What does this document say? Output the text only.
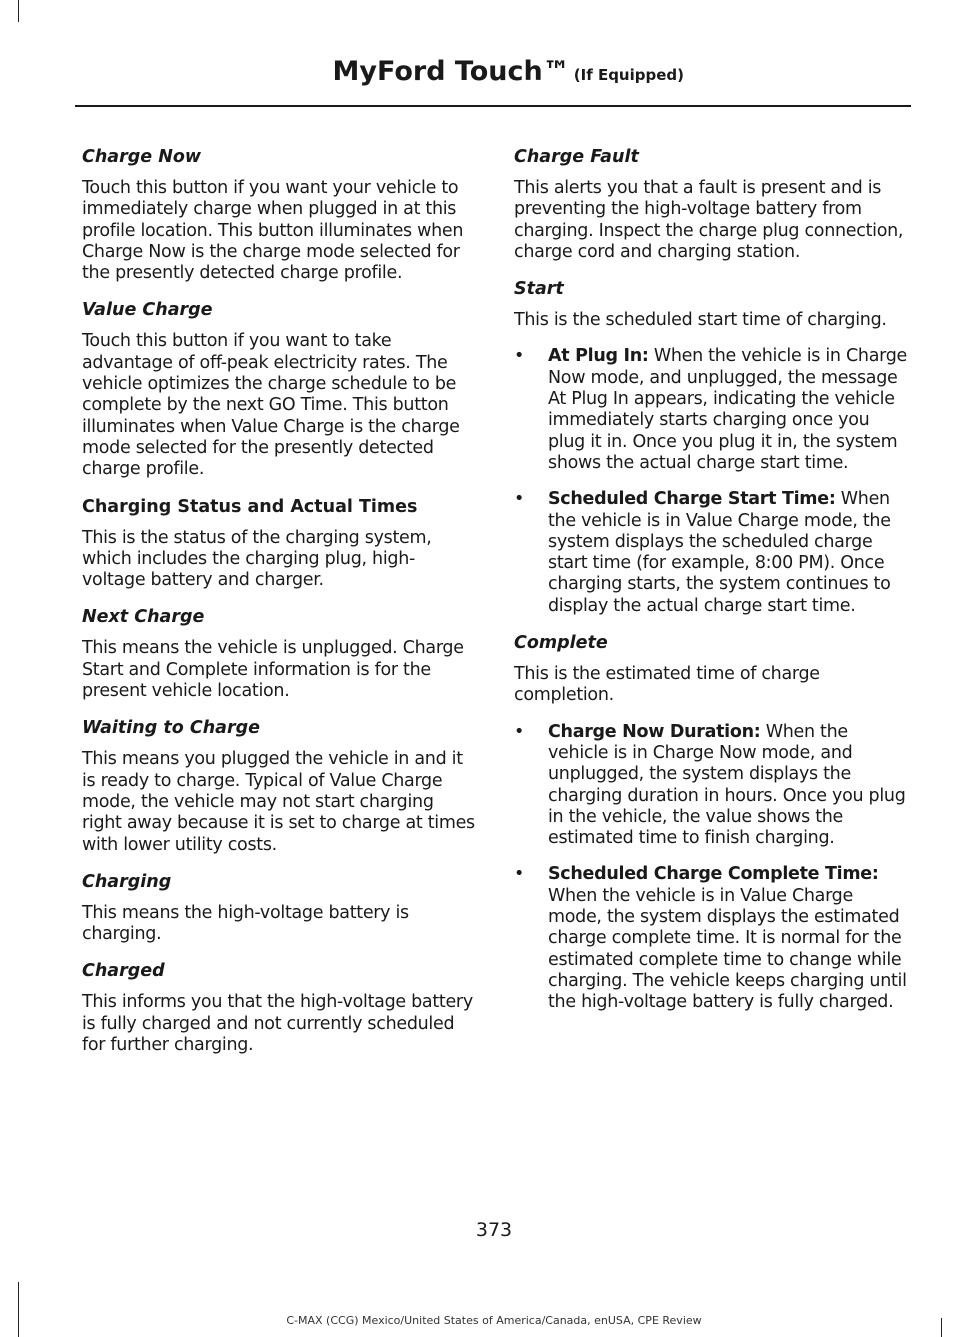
MyFord Touch™ (If Equipped)
Charge Now

Touch this button if you want your vehicle to immediately charge when plugged in at this profile location. This button illuminates when Charge Now is the charge mode selected for the presently detected charge profile.

Value Charge

Touch this button if you want to take advantage of off-peak electricity rates. The vehicle optimizes the charge schedule to be complete by the next GO Time. This button illuminates when Value Charge is the charge mode selected for the presently detected charge profile.

Charging Status and Actual Times

This is the status of the charging system, which includes the charging plug, high-voltage battery and charger.

Next Charge

This means the vehicle is unplugged. Charge Start and Complete information is for the present vehicle location.

Waiting to Charge

This means you plugged the vehicle in and it is ready to charge. Typical of Value Charge mode, the vehicle may not start charging right away because it is set to charge at times with lower utility costs.

Charging

This means the high-voltage battery is charging.

Charged

This informs you that the high-voltage battery is fully charged and not currently scheduled for further charging.

Charge Fault

This alerts you that a fault is present and is preventing the high-voltage battery from charging. Inspect the charge plug connection, charge cord and charging station.

Start

This is the scheduled start time of charging.

• At Plug In: When the vehicle is in Charge Now mode, and unplugged, the message At Plug In appears, indicating the vehicle immediately starts charging once you plug it in. Once you plug it in, the system shows the actual charge start time.
• Scheduled Charge Start Time: When the vehicle is in Value Charge mode, the system displays the scheduled charge start time (for example, 8:00 PM). Once charging starts, the system continues to display the actual charge start time.
Complete

This is the estimated time of charge completion.

• Charge Now Duration: When the vehicle is in Charge Now mode, and unplugged, the system displays the charging duration in hours. Once you plug in the vehicle, the value shows the estimated time to finish charging.
• Scheduled Charge Complete Time: When the vehicle is in Value Charge mode, the system displays the estimated charge complete time. It is normal for the estimated complete time to change while charging. The vehicle keeps charging until the high-voltage battery is fully charged.
373
C-MAX (CCG) Mexico/United States of America/Canada, enUSA, CPE Review
